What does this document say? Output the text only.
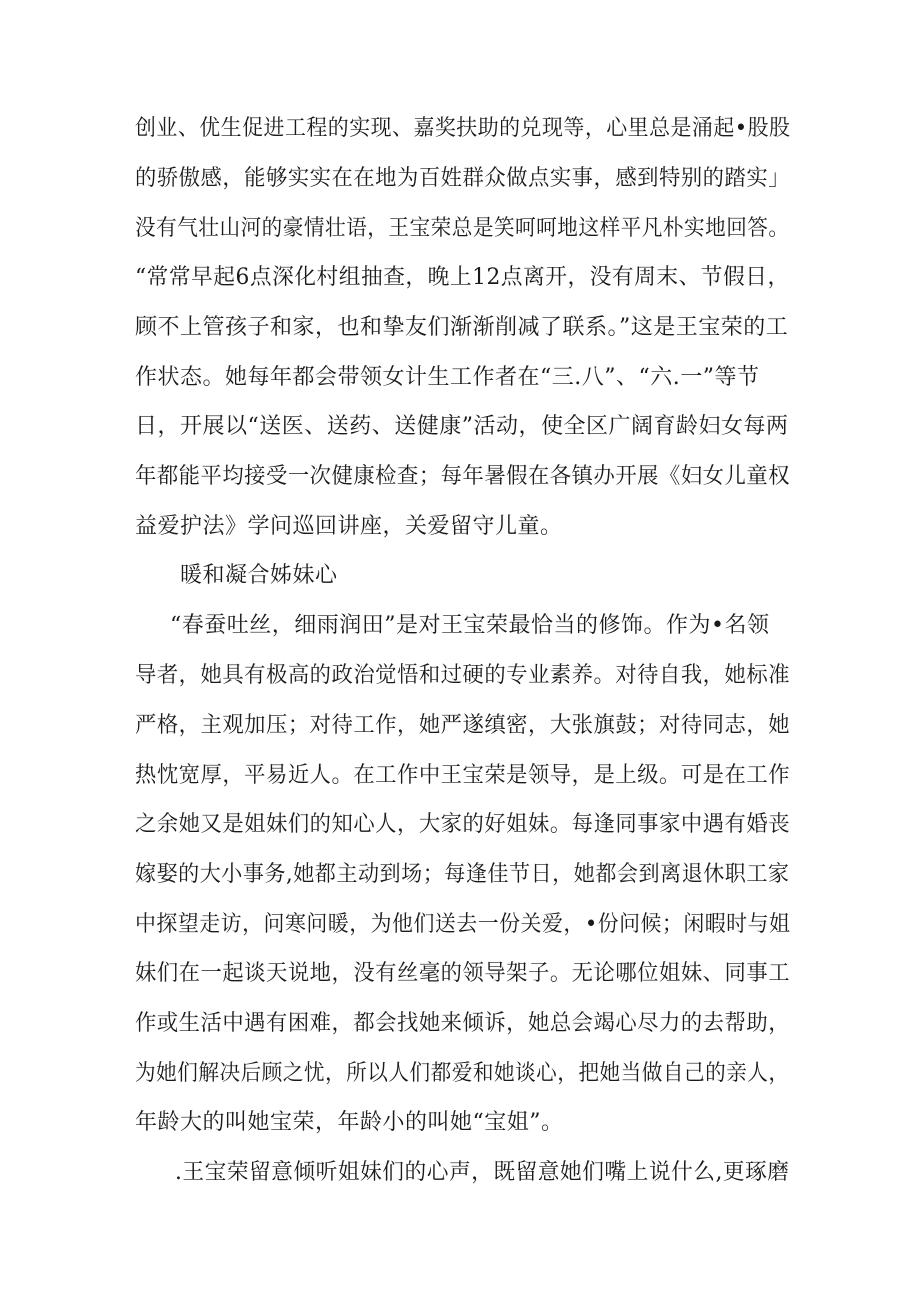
创业、优生促进工程的实现、嘉奖扶助的兑现等，心里总是涌起•股股
的骄傲感，能够实实在在地为百姓群众做点实事，感到特别的踏实」
没有气壮山河的豪情壮语，王宝荣总是笑呵呵地这样平凡朴实地回答。
“常常早起6点深化村组抽查，晚上12点离开，没有周末、节假日，
顾不上管孩子和家，也和挚友们渐渐削减了联系。”这是王宝荣的工
作状态。她每年都会带领女计生工作者在“三.八”、“六.一”等节
日，开展以“送医、送药、送健康”活动，使全区广阔育龄妇女每两
年都能平均接受一次健康检查；每年暑假在各镇办开展《妇女儿童权
益爱护法》学问巡回讲座，关爱留守儿童。
暖和凝合姊妹心
“春蚕吐丝，细雨润田”是对王宝荣最恰当的修饰。作为•名领
导者，她具有极高的政治觉悟和过硬的专业素养。对待自我，她标准
严格，主观加压；对待工作，她严遂缜密，大张旗鼓；对待同志，她
热忱宽厚，平易近人。在工作中王宝荣是领导，是上级。可是在工作
之余她又是姐妹们的知心人，大家的好姐妹。每逢同事家中遇有婚丧
嫁娶的大小事务,她都主动到场；每逢佳节日，她都会到离退休职工家
中探望走访，问寒问暖，为他们送去一份关爱，•份问候；闲暇时与姐
妹们在一起谈天说地，没有丝毫的领导架子。无论哪位姐妹、同事工
作或生活中遇有困难，都会找她来倾诉，她总会竭心尽力的去帮助，
为她们解决后顾之忧，所以人们都爱和她谈心，把她当做自己的亲人，
年龄大的叫她宝荣，年龄小的叫她“宝姐”。
.王宝荣留意倾听姐妹们的心声，既留意她们嘴上说什么,更琢磨
